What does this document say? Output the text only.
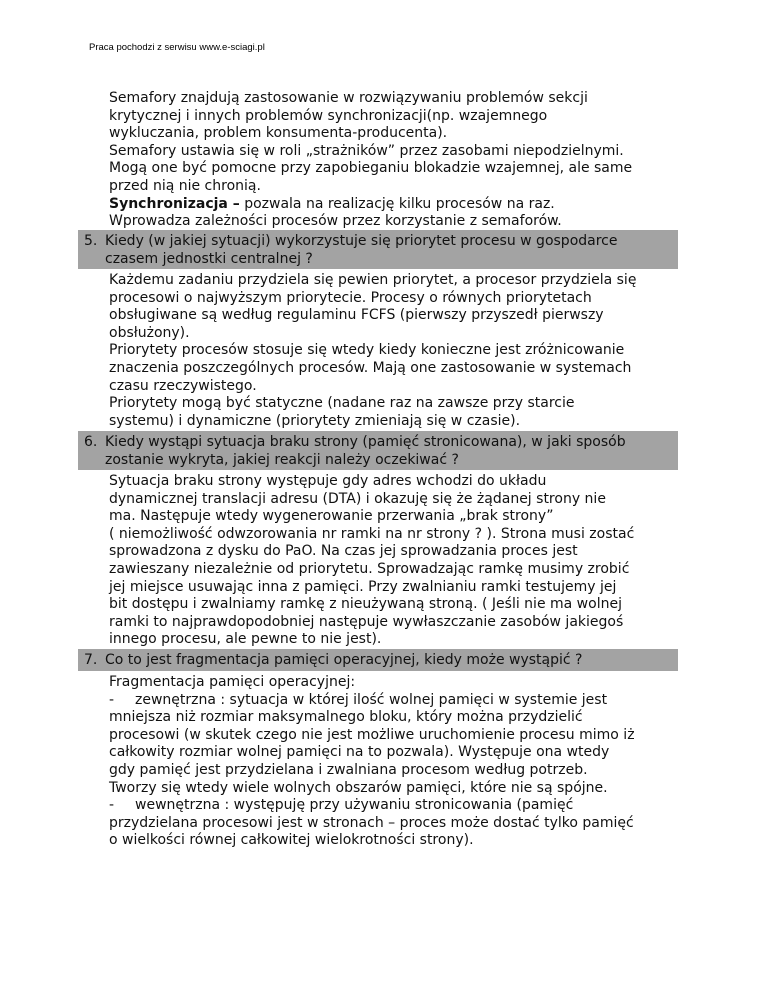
Praca pochodzi z serwisu www.e-sciagi.pl

Semafory znajdują zastosowanie w rozwiązywaniu problemów sekcji
krytycznej i innych problemów synchronizacji(np. wzajemnego
wykluczania, problem konsumenta-producenta).
Semafory ustawia się w roli „strażników” przez zasobami niepodzielnymi.
Mogą one być pomocne przy zapobieganiu blokadzie wzajemnej, ale same
przed nią nie chronią.
Synchronizacja – pozwala na realizację kilku procesów na raz.
Wprowadza zależności procesów przez korzystanie z semaforów.

5. Kiedy (w jakiej sytuacji) wykorzystuje się priorytet procesu w gospodarce
czasem jednostki centralnej ?

Każdemu zadaniu przydziela się pewien priorytet, a procesor przydziela się
procesowi o najwyższym priorytecie. Procesy o równych priorytetach
obsługiwane są według regulaminu FCFS (pierwszy przyszedł pierwszy
obsłużony).
Priorytety procesów stosuje się wtedy kiedy konieczne jest zróżnicowanie
znaczenia poszczególnych procesów. Mają one zastosowanie w systemach
czasu rzeczywistego.
Priorytety mogą być statyczne (nadane raz na zawsze przy starcie
systemu) i dynamiczne (priorytety zmieniają się w czasie).

6. Kiedy wystąpi sytuacja braku strony (pamięć stronicowana), w jaki sposób
zostanie wykryta, jakiej reakcji należy oczekiwać ?

Sytuacja braku strony występuje gdy adres wchodzi do układu
dynamicznej translacji adresu (DTA) i okazuję się że żądanej strony nie
ma. Następuje wtedy wygenerowanie przerwania „brak strony”
( niemożliwość odwzorowania nr ramki na nr strony ? ). Strona musi zostać
sprowadzona z dysku do PaO. Na czas jej sprowadzania proces jest
zawieszany niezależnie od priorytetu. Sprowadzając ramkę musimy zrobić
jej miejsce usuwając inna z pamięci. Przy zwalnianiu ramki testujemy jej
bit dostępu i zwalniamy ramkę z nieużywaną stroną. ( Jeśli nie ma wolnej
ramki to najprawdopodobniej następuje wywłaszczanie zasobów jakiegoś
innego procesu, ale pewne to nie jest).

7. Co to jest fragmentacja pamięci operacyjnej, kiedy może wystąpić ?
Fragmentacja pamięci operacyjnej:
- zewnętrzna : sytuacja w której ilość wolnej pamięci w systemie jest
mniejsza niż rozmiar maksymalnego bloku, który można przydzielić
procesowi (w skutek czego nie jest możliwe uruchomienie procesu mimo iż
całkowity rozmiar wolnej pamięci na to pozwala). Występuje ona wtedy
gdy pamięć jest przydzielana i zwalniana procesom według potrzeb.
Tworzy się wtedy wiele wolnych obszarów pamięci, które nie są spójne.
- wewnętrzna : występuję przy używaniu stronicowania (pamięć
przydzielana procesowi jest w stronach – proces może dostać tylko pamięć
o wielkości równej całkowitej wielokrotności strony).
